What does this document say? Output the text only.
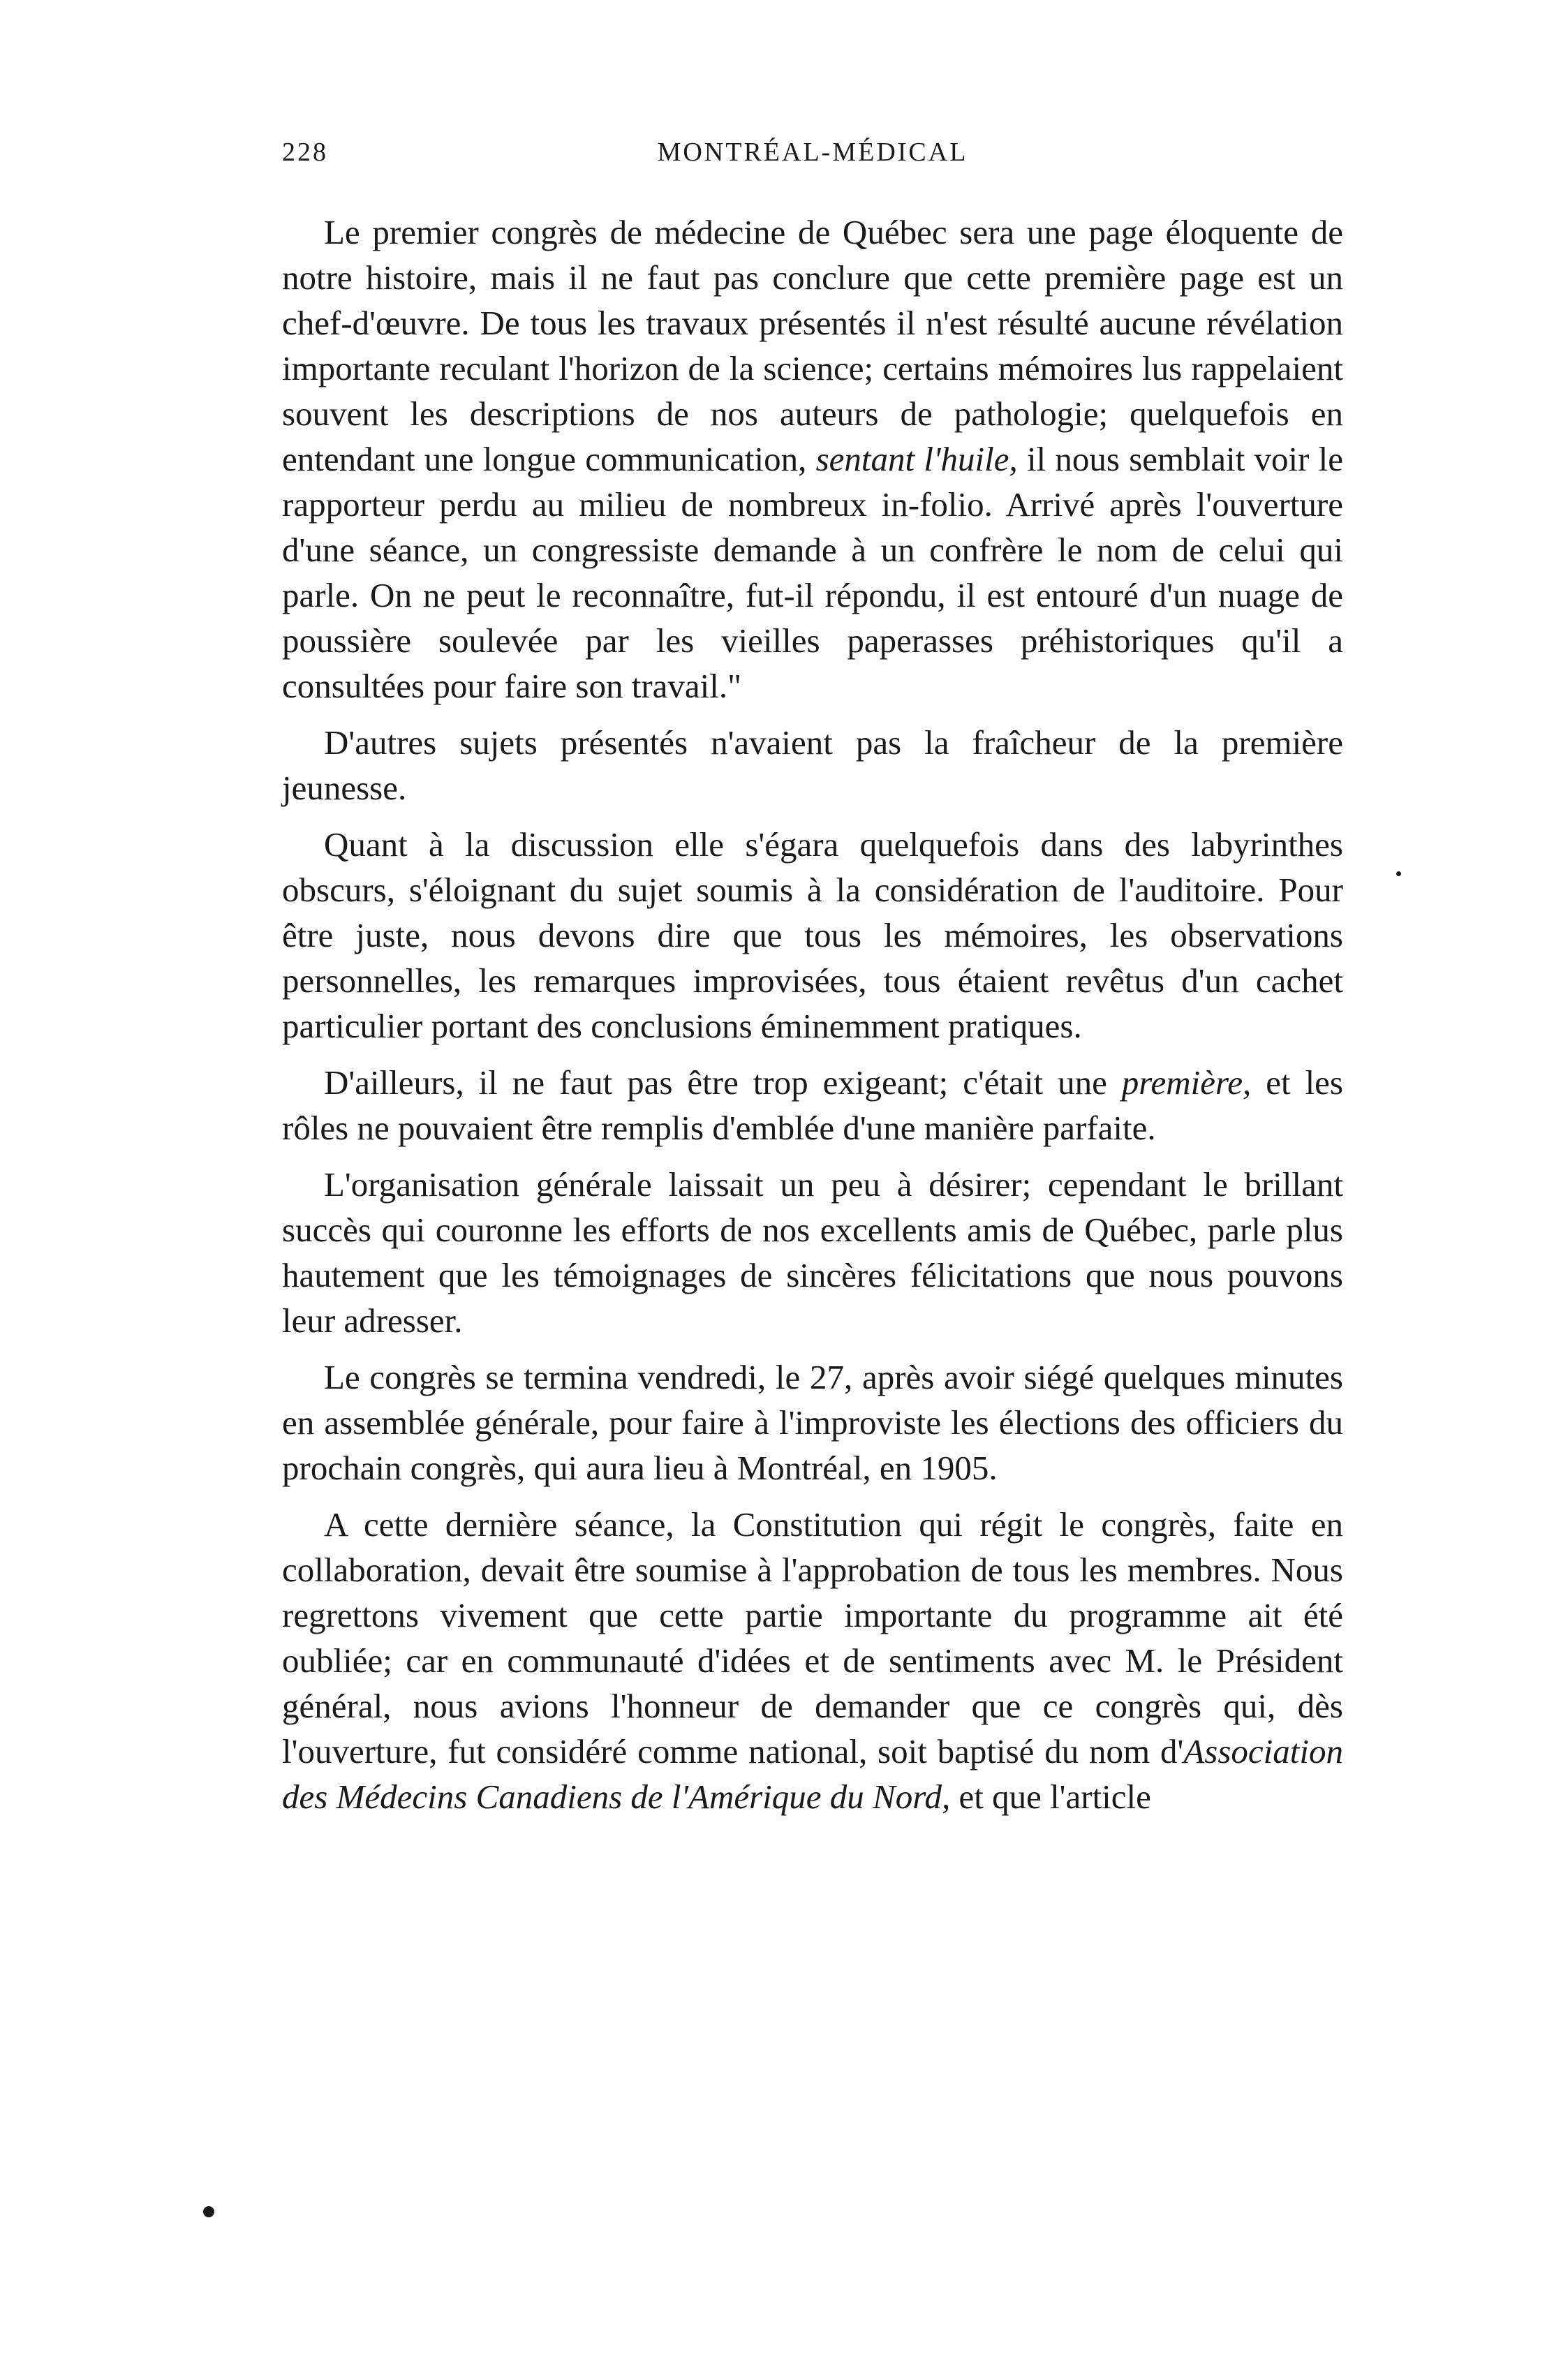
228	MONTRÉAL-MÉDICAL

Le premier congrès de médecine de Québec sera une page éloquente de notre histoire, mais il ne faut pas conclure que cette première page est un chef-d'œuvre. De tous les travaux présentés il n'est résulté aucune révélation importante reculant l'horizon de la science; certains mémoires lus rappelaient souvent les descriptions de nos auteurs de pathologie; quelquefois en entendant une longue communication, sentant l'huile, il nous semblait voir le rapporteur perdu au milieu de nombreux in-folio. Arrivé après l'ouverture d'une séance, un congressiste demande à un confrère le nom de celui qui parle. On ne peut le reconnaître, fut-il répondu, il est entouré d'un nuage de poussière soulevée par les vieilles paperasses préhistoriques qu'il a consultées pour faire son travail."

D'autres sujets présentés n'avaient pas la fraîcheur de la première jeunesse.

Quant à la discussion elle s'égara quelquefois dans des labyrinthes obscurs, s'éloignant du sujet soumis à la considération de l'auditoire. Pour être juste, nous devons dire que tous les mémoires, les observations personnelles, les remarques improvisées, tous étaient revêtus d'un cachet particulier portant des conclusions éminemment pratiques.

D'ailleurs, il ne faut pas être trop exigeant; c'était une première, et les rôles ne pouvaient être remplis d'emblée d'une manière parfaite.

L'organisation générale laissait un peu à désirer; cependant le brillant succès qui couronne les efforts de nos excellents amis de Québec, parle plus hautement que les témoignages de sincères félicitations que nous pouvons leur adresser.

Le congrès se termina vendredi, le 27, après avoir siégé quelques minutes en assemblée générale, pour faire à l'improviste les élections des officiers du prochain congrès, qui aura lieu à Montréal, en 1905.

A cette dernière séance, la Constitution qui régit le congrès, faite en collaboration, devait être soumise à l'approbation de tous les membres. Nous regrettons vivement que cette partie importante du programme ait été oubliée; car en communauté d'idées et de sentiments avec M. le Président général, nous avions l'honneur de demander que ce congrès qui, dès l'ouverture, fut considéré comme national, soit baptisé du nom d'Association des Médecins Canadiens de l'Amérique du Nord, et que l'article
